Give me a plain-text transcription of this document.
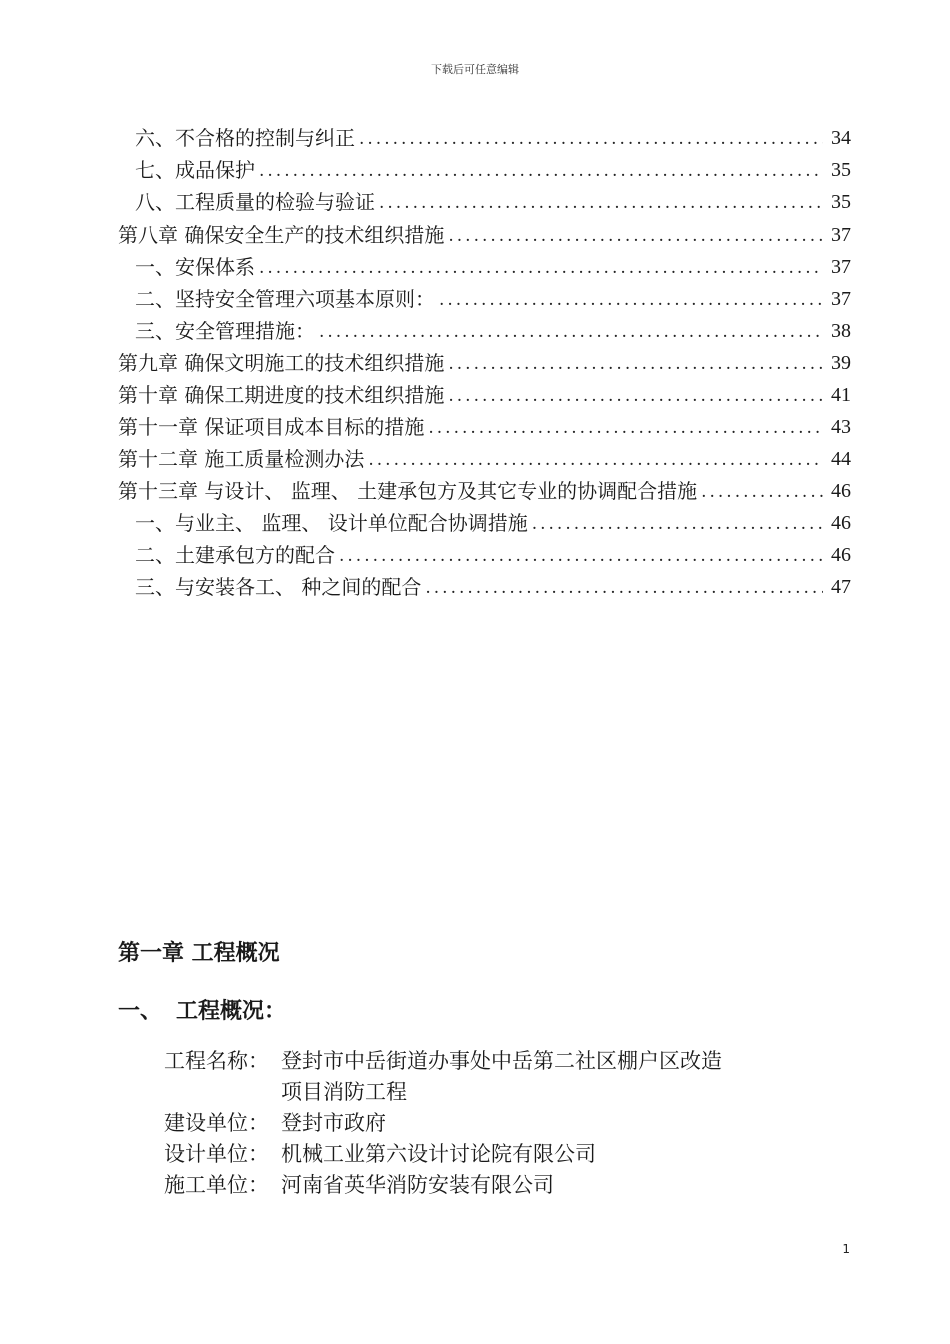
下载后可任意编辑
六、 不合格的控制与纠正 .....	34
七、 成品保护 .....	35
八、 工程质量的检验与验证 .....	35
第八章 确保安全生产的技术组织措施 .....	37
一、 安保体系 .....	37
二、 坚持安全管理六项基本原则： .....	37
三、 安全管理措施： .....	38
第九章 确保文明施工的技术组织措施 .....	39
第十章 确保工期进度的技术组织措施 .....	41
第十一章 保证项目成本目标的措施 .....	43
第十二章 施工质量检测办法 .....	44
第十三章 与设计、 监理、 土建承包方及其它专业的协调配合措施 .....	46
一、 与业主、 监理、 设计单位配合协调措施 .....	46
二、 土建承包方的配合 .....	46
三、 与安装各工、 种之间的配合 .....	47
第一章 工程概况
一、 工程概况：
工程名称： 登封市中岳街道办事处中岳第二社区棚户区改造项目消防工程
建设单位： 登封市政府
设计单位： 机械工业第六设计讨论院有限公司
施工单位： 河南省英华消防安装有限公司
1
